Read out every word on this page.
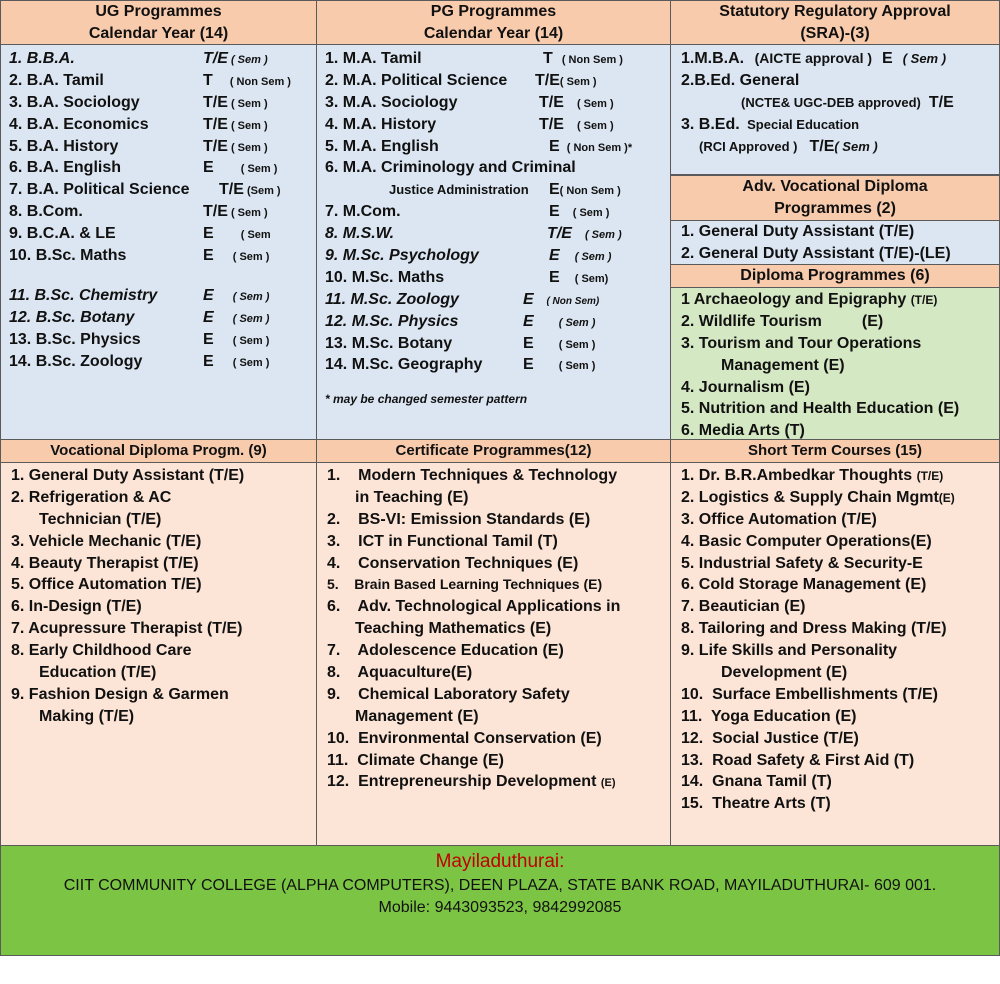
UG Programmes
Calendar Year (14)
1. B.B.A.	T/E ( Sem )
2. B.A. Tamil	T ( Non Sem )
3. B.A. Sociology	T/E ( Sem )
4. B.A. Economics	T/E ( Sem )
5. B.A. History	T/E ( Sem )
6. B.A. English	E ( Sem )
7. B.A. Political Science T/E (Sem )
8. B.Com.	T/E ( Sem )
9. B.C.A. & LE	E ( Sem
10. B.Sc. Maths	E ( Sem )
11. B.Sc. Chemistry	E ( Sem )
12. B.Sc. Botany	E ( Sem )
13. B.Sc. Physics	E ( Sem )
14. B.Sc. Zoology	E ( Sem )
PG Programmes
Calendar Year (14)
1. M.A. Tamil	T ( Non Sem )
2. M.A. Political Science T/E( Sem )
3. M.A. Sociology	T/E ( Sem )
4. M.A. History	T/E ( Sem )
5. M.A. English	E ( Non Sem )*
6. M.A. Criminology and Criminal
Justice Administration E( Non Sem )
7. M.Com.	E ( Sem )
8. M.S.W.	T/E ( Sem )
9. M.Sc. Psychology	E ( Sem )
10. M.Sc. Maths	E ( Sem)
11. M.Sc. Zoology	E ( Non Sem)
12. M.Sc. Physics	E ( Sem )
13. M.Sc. Botany	E ( Sem )
14. M.Sc. Geography	E ( Sem )
* may be changed semester pattern
Statutory Regulatory Approval
(SRA)-(3)
1.M.B.A. (AICTE approval ) E ( Sem )
2.B.Ed. General
(NCTE& UGC-DEB approved) T/E
3. B.Ed. Special Education
(RCI Approved ) T/E( Sem )
Adv. Vocational Diploma
Programmes (2)
1. General Duty Assistant (T/E)
2. General Duty Assistant (T/E)-(LE)
Diploma Programmes (6)
1 Archaeology and Epigraphy (T/E)
2. Wildlife Tourism         (E)
3. Tourism and Tour Operations
Management (E)
4. Journalism (E)
5. Nutrition and Health Education (E)
6. Media Arts (T)
Vocational Diploma Progm. (9)
1. General Duty Assistant (T/E)
2. Refrigeration & AC
Technician (T/E)
3. Vehicle Mechanic (T/E)
4. Beauty Therapist (T/E)
5. Office Automation T/E)
6. In-Design (T/E)
7. Acupressure Therapist (T/E)
8. Early Childhood Care
Education (T/E)
9. Fashion Design & Garmen
Making (T/E)
Certificate Programmes(12)
1.    Modern Techniques & Technology
in Teaching (E)
2.    BS-VI: Emission Standards (E)
3.    ICT in Functional Tamil (T)
4.    Conservation Techniques (E)
5.    Brain Based Learning Techniques (E)
6.    Adv. Technological Applications in
Teaching Mathematics (E)
7.    Adolescence Education (E)
8.    Aquaculture(E)
9.    Chemical Laboratory Safety
Management (E)
10.  Environmental Conservation (E)
11.  Climate Change (E)
12.  Entrepreneurship Development (E)
Short Term Courses (15)
1. Dr. B.R.Ambedkar Thoughts (T/E)
2. Logistics & Supply Chain Mgmt(E)
3. Office Automation (T/E)
4. Basic Computer Operations(E)
5. Industrial Safety & Security-E
6. Cold Storage Management (E)
7. Beautician (E)
8. Tailoring and Dress Making (T/E)
9. Life Skills and Personality
Development (E)
10.  Surface Embellishments (T/E)
11.  Yoga Education (E)
12.  Social Justice (T/E)
13.  Road Safety & First Aid (T)
14.  Gnana Tamil (T)
15.  Theatre Arts (T)
Mayiladuthurai:
CIIT COMMUNITY COLLEGE (ALPHA COMPUTERS), DEEN PLAZA, STATE BANK ROAD, MAYILADUTHURAI- 609 001.
Mobile: 9443093523, 9842992085
